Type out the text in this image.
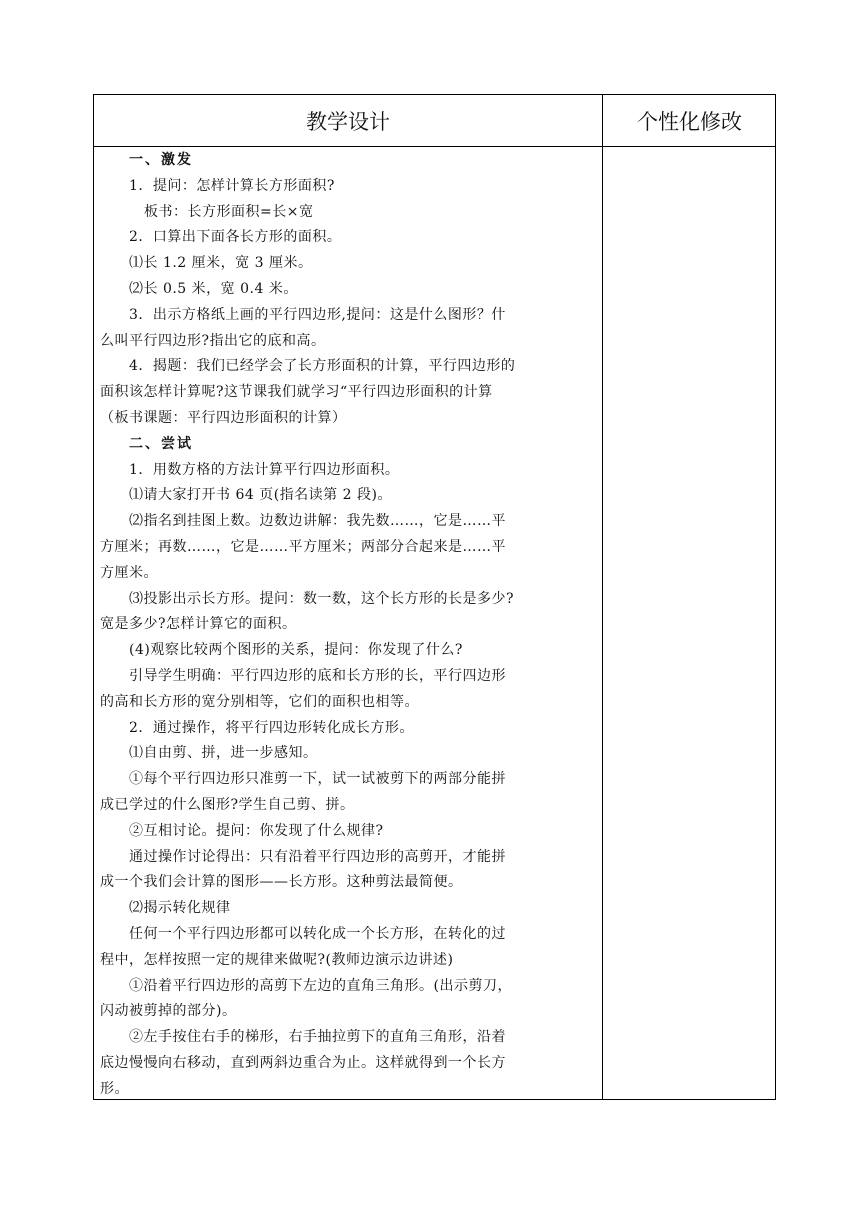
教学设计	个性化修改
一、激发
1．提问：怎样计算长方形面积?
板书：长方形面积=长×宽
2．口算出下面各长方形的面积。
⑴长 1.2 厘米，宽 3 厘米。
⑵长 0.5 米，宽 0.4 米。
3．出示方格纸上画的平行四边形,提问：这是什么图形？什
么叫平行四边形?指出它的底和高。
4．揭题：我们已经学会了长方形面积的计算，平行四边形的
面积该怎样计算呢?这节课我们就学习“平行四边形面积的计算
（板书课题：平行四边形面积的计算）
二、尝试
1．用数方格的方法计算平行四边形面积。
⑴请大家打开书 64 页(指名读第 2 段)。
⑵指名到挂图上数。边数边讲解：我先数……，它是……平
方厘米；再数……，它是……平方厘米；两部分合起来是……平
方厘米。
⑶投影出示长方形。提问：数一数，这个长方形的长是多少?
宽是多少?怎样计算它的面积。
(4)观察比较两个图形的关系，提问：你发现了什么?
引导学生明确：平行四边形的底和长方形的长，平行四边形
的高和长方形的宽分别相等，它们的面积也相等。
2．通过操作，将平行四边形转化成长方形。
⑴自由剪、拼，进一步感知。
①每个平行四边形只准剪一下，试一试被剪下的两部分能拼
成已学过的什么图形?学生自己剪、拼。
②互相讨论。提问：你发现了什么规律?
通过操作讨论得出：只有沿着平行四边形的高剪开，才能拼
成一个我们会计算的图形——长方形。这种剪法最简便。
⑵揭示转化规律
任何一个平行四边形都可以转化成一个长方形，在转化的过
程中，怎样按照一定的规律来做呢?(教师边演示边讲述)
①沿着平行四边形的高剪下左边的直角三角形。(出示剪刀，
闪动被剪掉的部分)。
②左手按住右手的梯形，右手抽拉剪下的直角三角形，沿着
底边慢慢向右移动，直到两斜边重合为止。这样就得到一个长方
形。
